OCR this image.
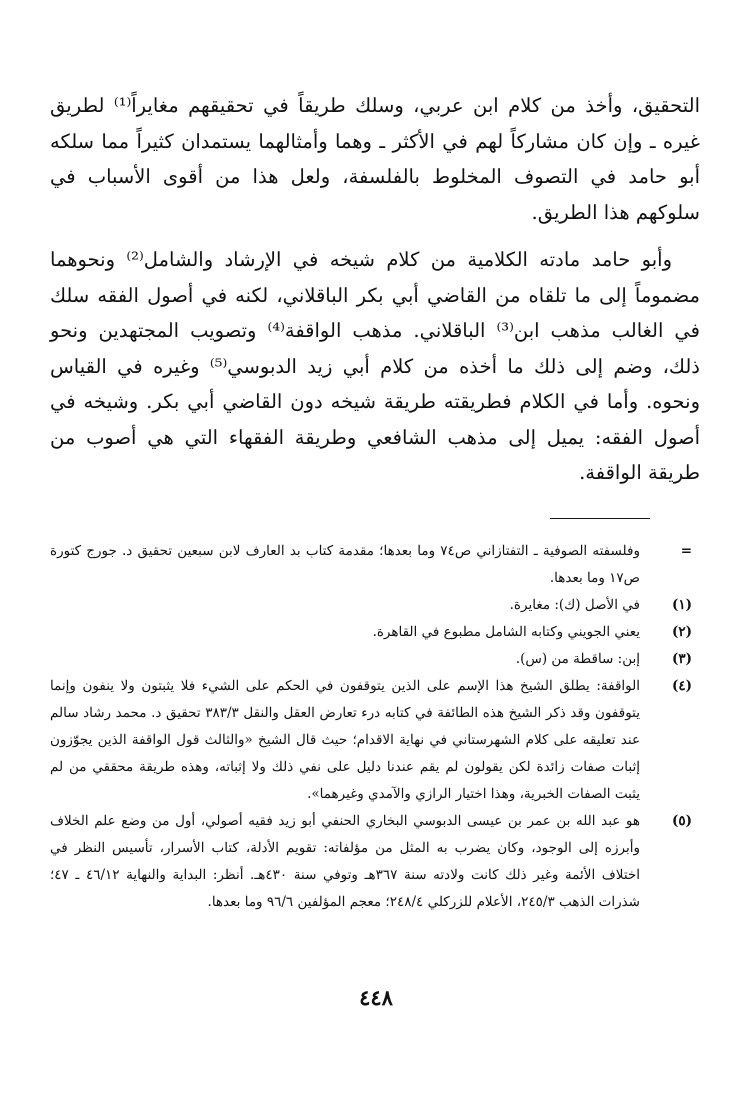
التحقيق، وأخذ من كلام ابن عربي، وسلك طريقاً في تحقيقهم مغايراً⁽¹⁾ لطريق غيره ـ وإن كان مشاركاً لهم في الأكثر ـ وهما وأمثالهما يستمدان كثيراً مما سلكه أبو حامد في التصوف المخلوط بالفلسفة، ولعل هذا من أقوى الأسباب في سلوكهم هذا الطريق.

وأبو حامد مادته الكلامية من كلام شيخه في الإرشاد والشامل⁽²⁾ ونحوهما مضموماً إلى ما تلقاه من القاضي أبي بكر الباقلاني، لكنه في أصول الفقه سلك في الغالب مذهب ابن⁽³⁾ الباقلاني. مذهب الواقفة⁽⁴⁾ وتصويب المجتهدين ونحو ذلك، وضم إلى ذلك ما أخذه من كلام أبي زيد الدبوسي⁽⁵⁾ وغيره في القياس ونحوه. وأما في الكلام فطريقته طريقة شيخه دون القاضي أبي بكر. وشيخه في أصول الفقه: يميل إلى مذهب الشافعي وطريقة الفقهاء التي هي أصوب من طريقة الواقفة.

=
وفلسفته الصوفية ـ التفتازاني ص٧٤ وما بعدها؛ مقدمة كتاب بد العارف لابن سبعين تحقيق د. جورج كتورة ص١٧ وما بعدها.
(١)
في الأصل (ك): مغايرة.
(٢)
يعني الجويني وكتابه الشامل مطبوع في القاهرة.
(٣)
إبن: ساقطة من (س).
(٤)
الواقفة: يطلق الشيخ هذا الإسم على الذين يتوقفون في الحكم على الشيء فلا يثبتون ولا ينفون وإنما يتوقفون وقد ذكر الشيخ هذه الطائفة في كتابه درء تعارض العقل والنقل ٣٨٣/٣ تحقيق د. محمد رشاد سالم عند تعليقه على كلام الشهرستاني في نهاية الاقدام؛ حيث قال الشيخ «والثالث قول الواقفة الذين يجوّزون إثبات صفات زائدة لكن يقولون لم يقم عندنا دليل على نفي ذلك ولا إثباته، وهذه طريقة محققي من لم يثبت الصفات الخبرية، وهذا اختيار الرازي والآمدي وغيرهما».
(٥)
هو عبد الله بن عمر بن عيسى الدبوسي البخاري الحنفي أبو زيد فقيه أصولي، أول من وضع علم الخلاف وأبرزه إلى الوجود، وكان يضرب به المثل من مؤلفاته: تقويم الأدلة، كتاب الأسرار، تأسيس النظر في اختلاف الأئمة وغير ذلك كانت ولادته سنة ٣٦٧هـ وتوفي سنة ٤٣٠هـ. أنظر: البداية والنهاية ٤٦/١٢ ـ ٤٧؛ شذرات الذهب ٢٤٥/٣، الأعلام للزركلي ٢٤٨/٤؛ معجم المؤلفين ٩٦/٦ وما بعدها.
٤٤٨
